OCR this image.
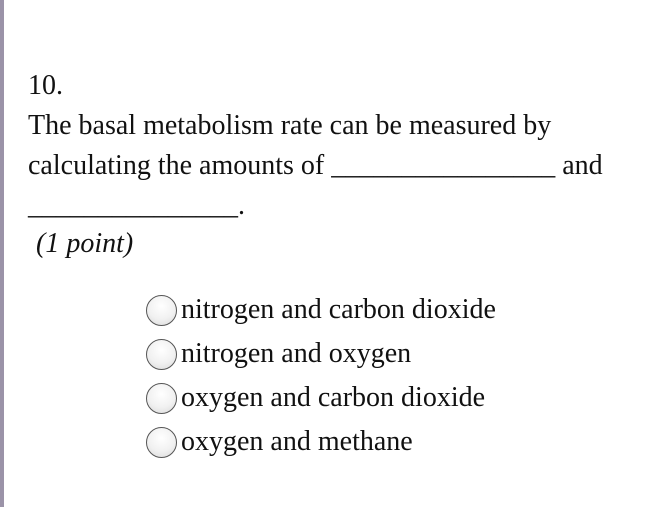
10.
The basal metabolism rate can be measured by calculating the amounts of ________________ and _______________.
(1 point)
nitrogen and carbon dioxide
nitrogen and oxygen
oxygen and carbon dioxide
oxygen and methane
